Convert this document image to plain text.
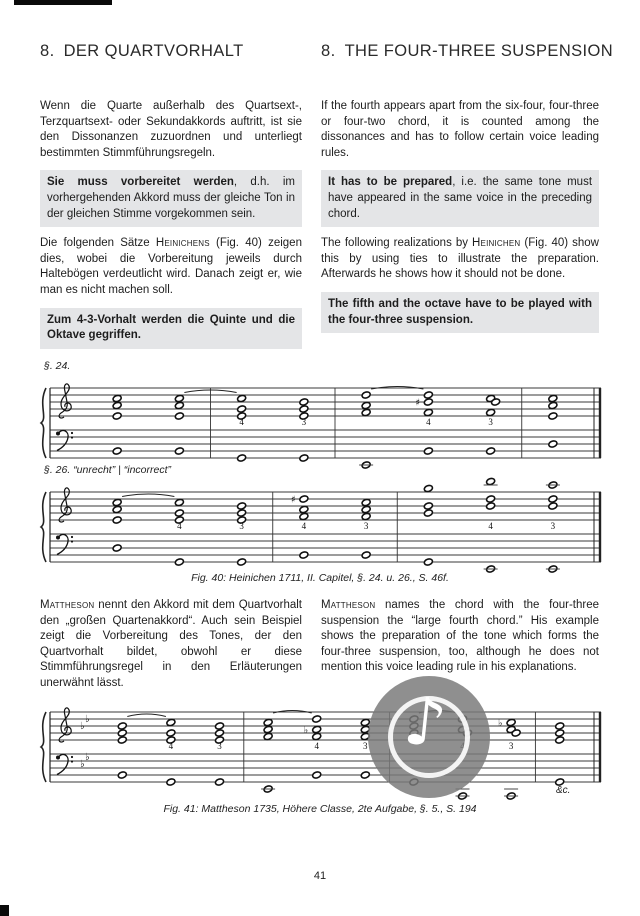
8. DER QUARTVORHALT	8. THE FOUR-THREE SUSPENSION

Wenn die Quarte außerhalb des Quartsext-, Terzquartsext- oder Sekundakkords auftritt, ist sie den Dissonanzen zuzuordnen und unterliegt bestimmten Stimmführungsregeln.

Sie muss vorbereitet werden, d.h. im vorhergehenden Akkord muss der gleiche Ton in der gleichen Stimme vorgekommen sein.

Die folgenden Sätze Heinichens (Fig. 40) zeigen dies, wobei die Vorbereitung jeweils durch Haltebögen verdeutlicht wird. Danach zeigt er, wie man es nicht machen soll.

Zum 4-3-Vorhalt werden die Quinte und die Oktave gegriffen.

If the fourth appears apart from the six-four, four-three or four-two chord, it is counted among the dissonances and has to follow certain voice leading rules.

It has to be prepared, i.e. the same tone must have appeared in the same voice in the preceding chord.

The following realizations by Heinichen (Fig. 40) show this by using ties to illustrate the preparation. Afterwards he shows how it should not be done.

The fifth and the octave have to be played with the four-three suspension.
§. 24.
4	3
♯
4	3
§. 26. “unrecht” | “incorrect”
4	3
♯
4	3	4	3
Fig. 40: Heinichen 1711, II. Capitel, §. 24. u. 26., S. 46f.

Mattheson nennt den Akkord mit dem Quartvorhalt den „großen Quartenakkord“. Auch sein Beispiel zeigt die Vorbereitung des Tones, der den Quartvorhalt bildet, obwohl er diese Stimmführungsregel in den Erläuterungen unerwähnt lässt.

Mattheson names the chord with the four-three suspension the “large fourth chord.” His example shows the preparation of the tone which forms the four-three suspension, too, although he does not mention this voice leading rule in his explanations.

♭
♭
♭
♭
4	3
♭
4	3
♭
3
&c.
Fig. 41: Mattheson 1735, Höhere Classe, 2te Aufgabe, §. 5., S. 194
♪
41
